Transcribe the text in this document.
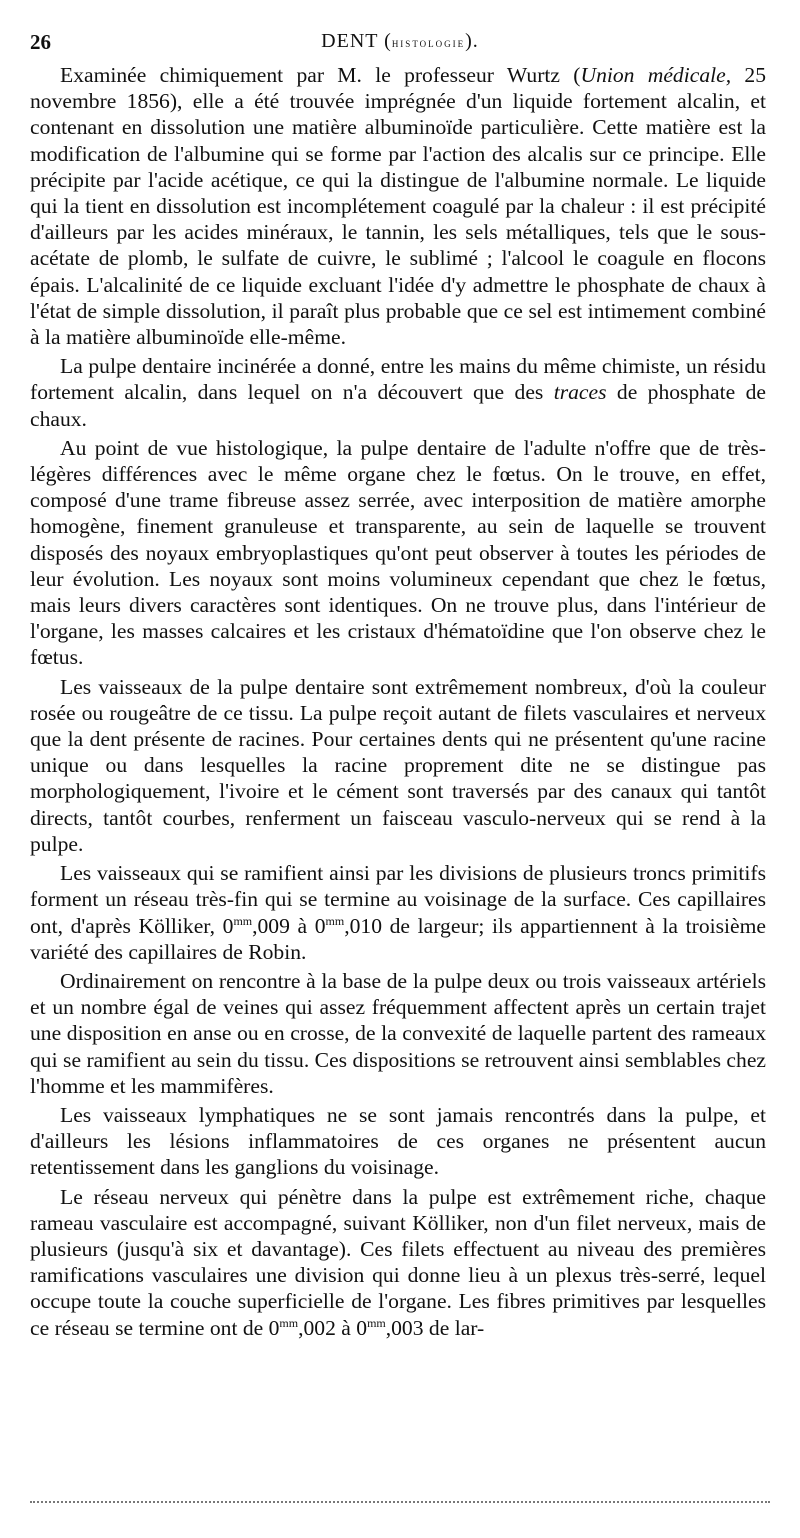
26	DENT (histologie).

Examinée chimiquement par M. le professeur Wurtz (Union médicale, 25 novembre 1856), elle a été trouvée imprégnée d'un liquide fortement alcalin, et contenant en dissolution une matière albuminoïde particulière. Cette matière est la modification de l'albumine qui se forme par l'action des alcalis sur ce principe. Elle précipite par l'acide acétique, ce qui la distingue de l'albumine normale. Le liquide qui la tient en dissolution est incomplétement coagulé par la chaleur : il est précipité d'ailleurs par les acides minéraux, le tannin, les sels métalliques, tels que le sous-acétate de plomb, le sulfate de cuivre, le sublimé ; l'alcool le coagule en flocons épais. L'alcalinité de ce liquide excluant l'idée d'y admettre le phosphate de chaux à l'état de simple dissolution, il paraît plus probable que ce sel est intimement combiné à la matière albuminoïde elle-même.

La pulpe dentaire incinérée a donné, entre les mains du même chimiste, un résidu fortement alcalin, dans lequel on n'a découvert que des traces de phosphate de chaux.

Au point de vue histologique, la pulpe dentaire de l'adulte n'offre que de très-légères différences avec le même organe chez le fœtus. On le trouve, en effet, composé d'une trame fibreuse assez serrée, avec interposition de matière amorphe homogène, finement granuleuse et transparente, au sein de laquelle se trouvent disposés des noyaux embryoplastiques qu'ont peut observer à toutes les périodes de leur évolution. Les noyaux sont moins volumineux cependant que chez le fœtus, mais leurs divers caractères sont identiques. On ne trouve plus, dans l'intérieur de l'organe, les masses calcaires et les cristaux d'hématoïdine que l'on observe chez le fœtus.

Les vaisseaux de la pulpe dentaire sont extrêmement nombreux, d'où la couleur rosée ou rougeâtre de ce tissu. La pulpe reçoit autant de filets vasculaires et nerveux que la dent présente de racines. Pour certaines dents qui ne présentent qu'une racine unique ou dans lesquelles la racine proprement dite ne se distingue pas morphologiquement, l'ivoire et le cément sont traversés par des canaux qui tantôt directs, tantôt courbes, renferment un faisceau vasculo-nerveux qui se rend à la pulpe.

Les vaisseaux qui se ramifient ainsi par les divisions de plusieurs troncs primitifs forment un réseau très-fin qui se termine au voisinage de la surface. Ces capillaires ont, d'après Kölliker, $0^{mm},009$ à $0^{mm},010$ de largeur; ils appartiennent à la troisième variété des capillaires de Robin.

Ordinairement on rencontre à la base de la pulpe deux ou trois vaisseaux artériels et un nombre égal de veines qui assez fréquemment affectent après un certain trajet une disposition en anse ou en crosse, de la convexité de laquelle partent des rameaux qui se ramifient au sein du tissu. Ces dispositions se retrouvent ainsi semblables chez l'homme et les mammifères.

Les vaisseaux lymphatiques ne se sont jamais rencontrés dans la pulpe, et d'ailleurs les lésions inflammatoires de ces organes ne présentent aucun retentissement dans les ganglions du voisinage.

Le réseau nerveux qui pénètre dans la pulpe est extrêmement riche, chaque rameau vasculaire est accompagné, suivant Kölliker, non d'un filet nerveux, mais de plusieurs (jusqu'à six et davantage). Ces filets effectuent au niveau des premières ramifications vasculaires une division qui donne lieu à un plexus très-serré, lequel occupe toute la couche superficielle de l'organe. Les fibres primitives par lesquelles ce réseau se termine ont de $0^{mm},002$ à $0^{mm},003$ de lar-
